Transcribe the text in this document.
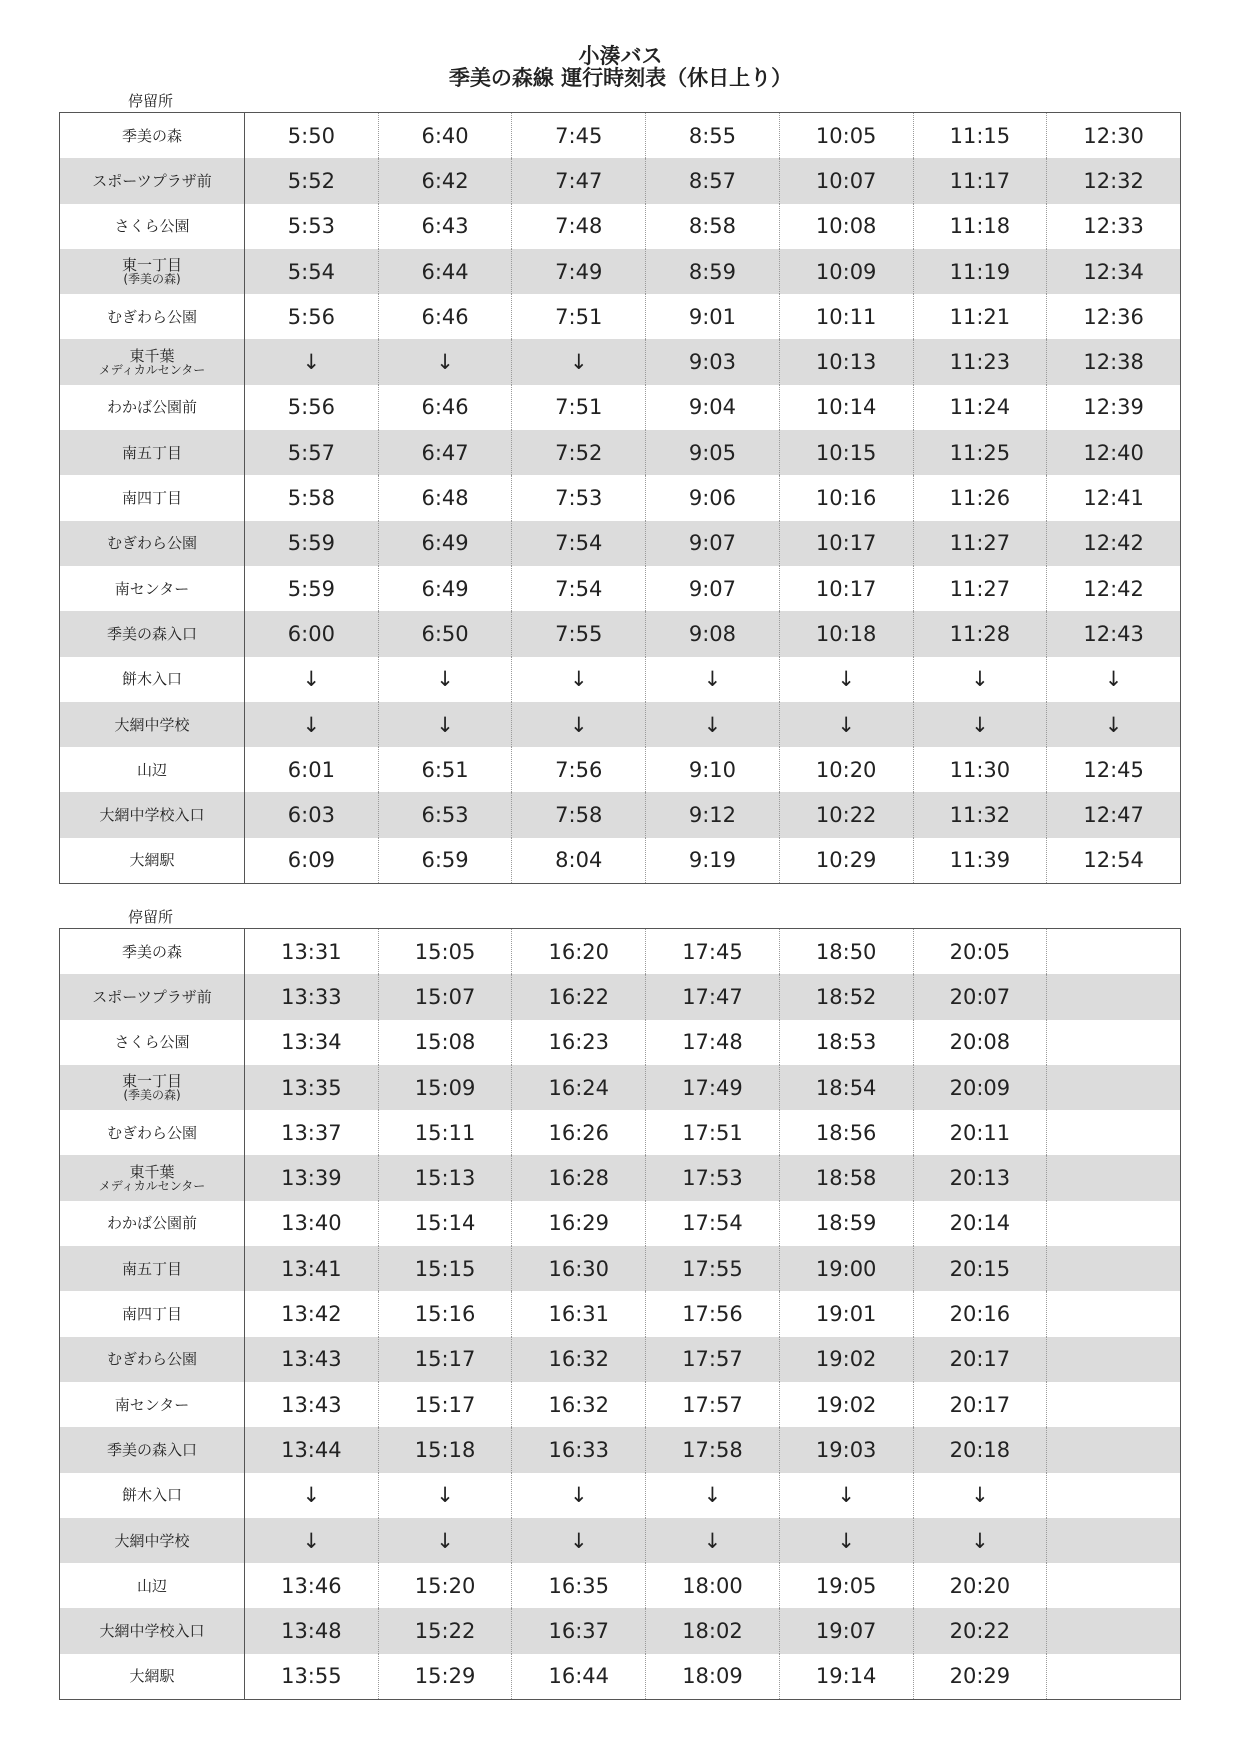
小湊バス
季美の森線 運行時刻表（休日上り）
停留所
季美の森	5:50	6:40	7:45	8:55	10:05	11:15	12:30

スポーツプラザ前	5:52	6:42	7:47	8:57	10:07	11:17	12:32

さくら公園	5:53	6:43	7:48	8:58	10:08	11:18	12:33

東一丁目
(季美の森)	5:54	6:44	7:49	8:59	10:09	11:19	12:34

むぎわら公園	5:56	6:46	7:51	9:01	10:11	11:21	12:36

東千葉
メディカルセンター	↓	↓	↓	9:03	10:13	11:23	12:38

わかば公園前	5:56	6:46	7:51	9:04	10:14	11:24	12:39

南五丁目	5:57	6:47	7:52	9:05	10:15	11:25	12:40

南四丁目	5:58	6:48	7:53	9:06	10:16	11:26	12:41

むぎわら公園	5:59	6:49	7:54	9:07	10:17	11:27	12:42

南センター	5:59	6:49	7:54	9:07	10:17	11:27	12:42

季美の森入口	6:00	6:50	7:55	9:08	10:18	11:28	12:43

餅木入口	↓	↓	↓	↓	↓	↓	↓

大網中学校	↓	↓	↓	↓	↓	↓	↓

山辺	6:01	6:51	7:56	9:10	10:20	11:30	12:45

大網中学校入口	6:03	6:53	7:58	9:12	10:22	11:32	12:47

大網駅	6:09	6:59	8:04	9:19	10:29	11:39	12:54
停留所
季美の森	13:31	15:05	16:20	17:45	18:50	20:05	

スポーツプラザ前	13:33	15:07	16:22	17:47	18:52	20:07	

さくら公園	13:34	15:08	16:23	17:48	18:53	20:08	

東一丁目
(季美の森)	13:35	15:09	16:24	17:49	18:54	20:09	

むぎわら公園	13:37	15:11	16:26	17:51	18:56	20:11	

東千葉
メディカルセンター	13:39	15:13	16:28	17:53	18:58	20:13	

わかば公園前	13:40	15:14	16:29	17:54	18:59	20:14	

南五丁目	13:41	15:15	16:30	17:55	19:00	20:15	

南四丁目	13:42	15:16	16:31	17:56	19:01	20:16	

むぎわら公園	13:43	15:17	16:32	17:57	19:02	20:17	

南センター	13:43	15:17	16:32	17:57	19:02	20:17	

季美の森入口	13:44	15:18	16:33	17:58	19:03	20:18	

餅木入口	↓	↓	↓	↓	↓	↓	

大網中学校	↓	↓	↓	↓	↓	↓	

山辺	13:46	15:20	16:35	18:00	19:05	20:20	

大網中学校入口	13:48	15:22	16:37	18:02	19:07	20:22	

大網駅	13:55	15:29	16:44	18:09	19:14	20:29	
